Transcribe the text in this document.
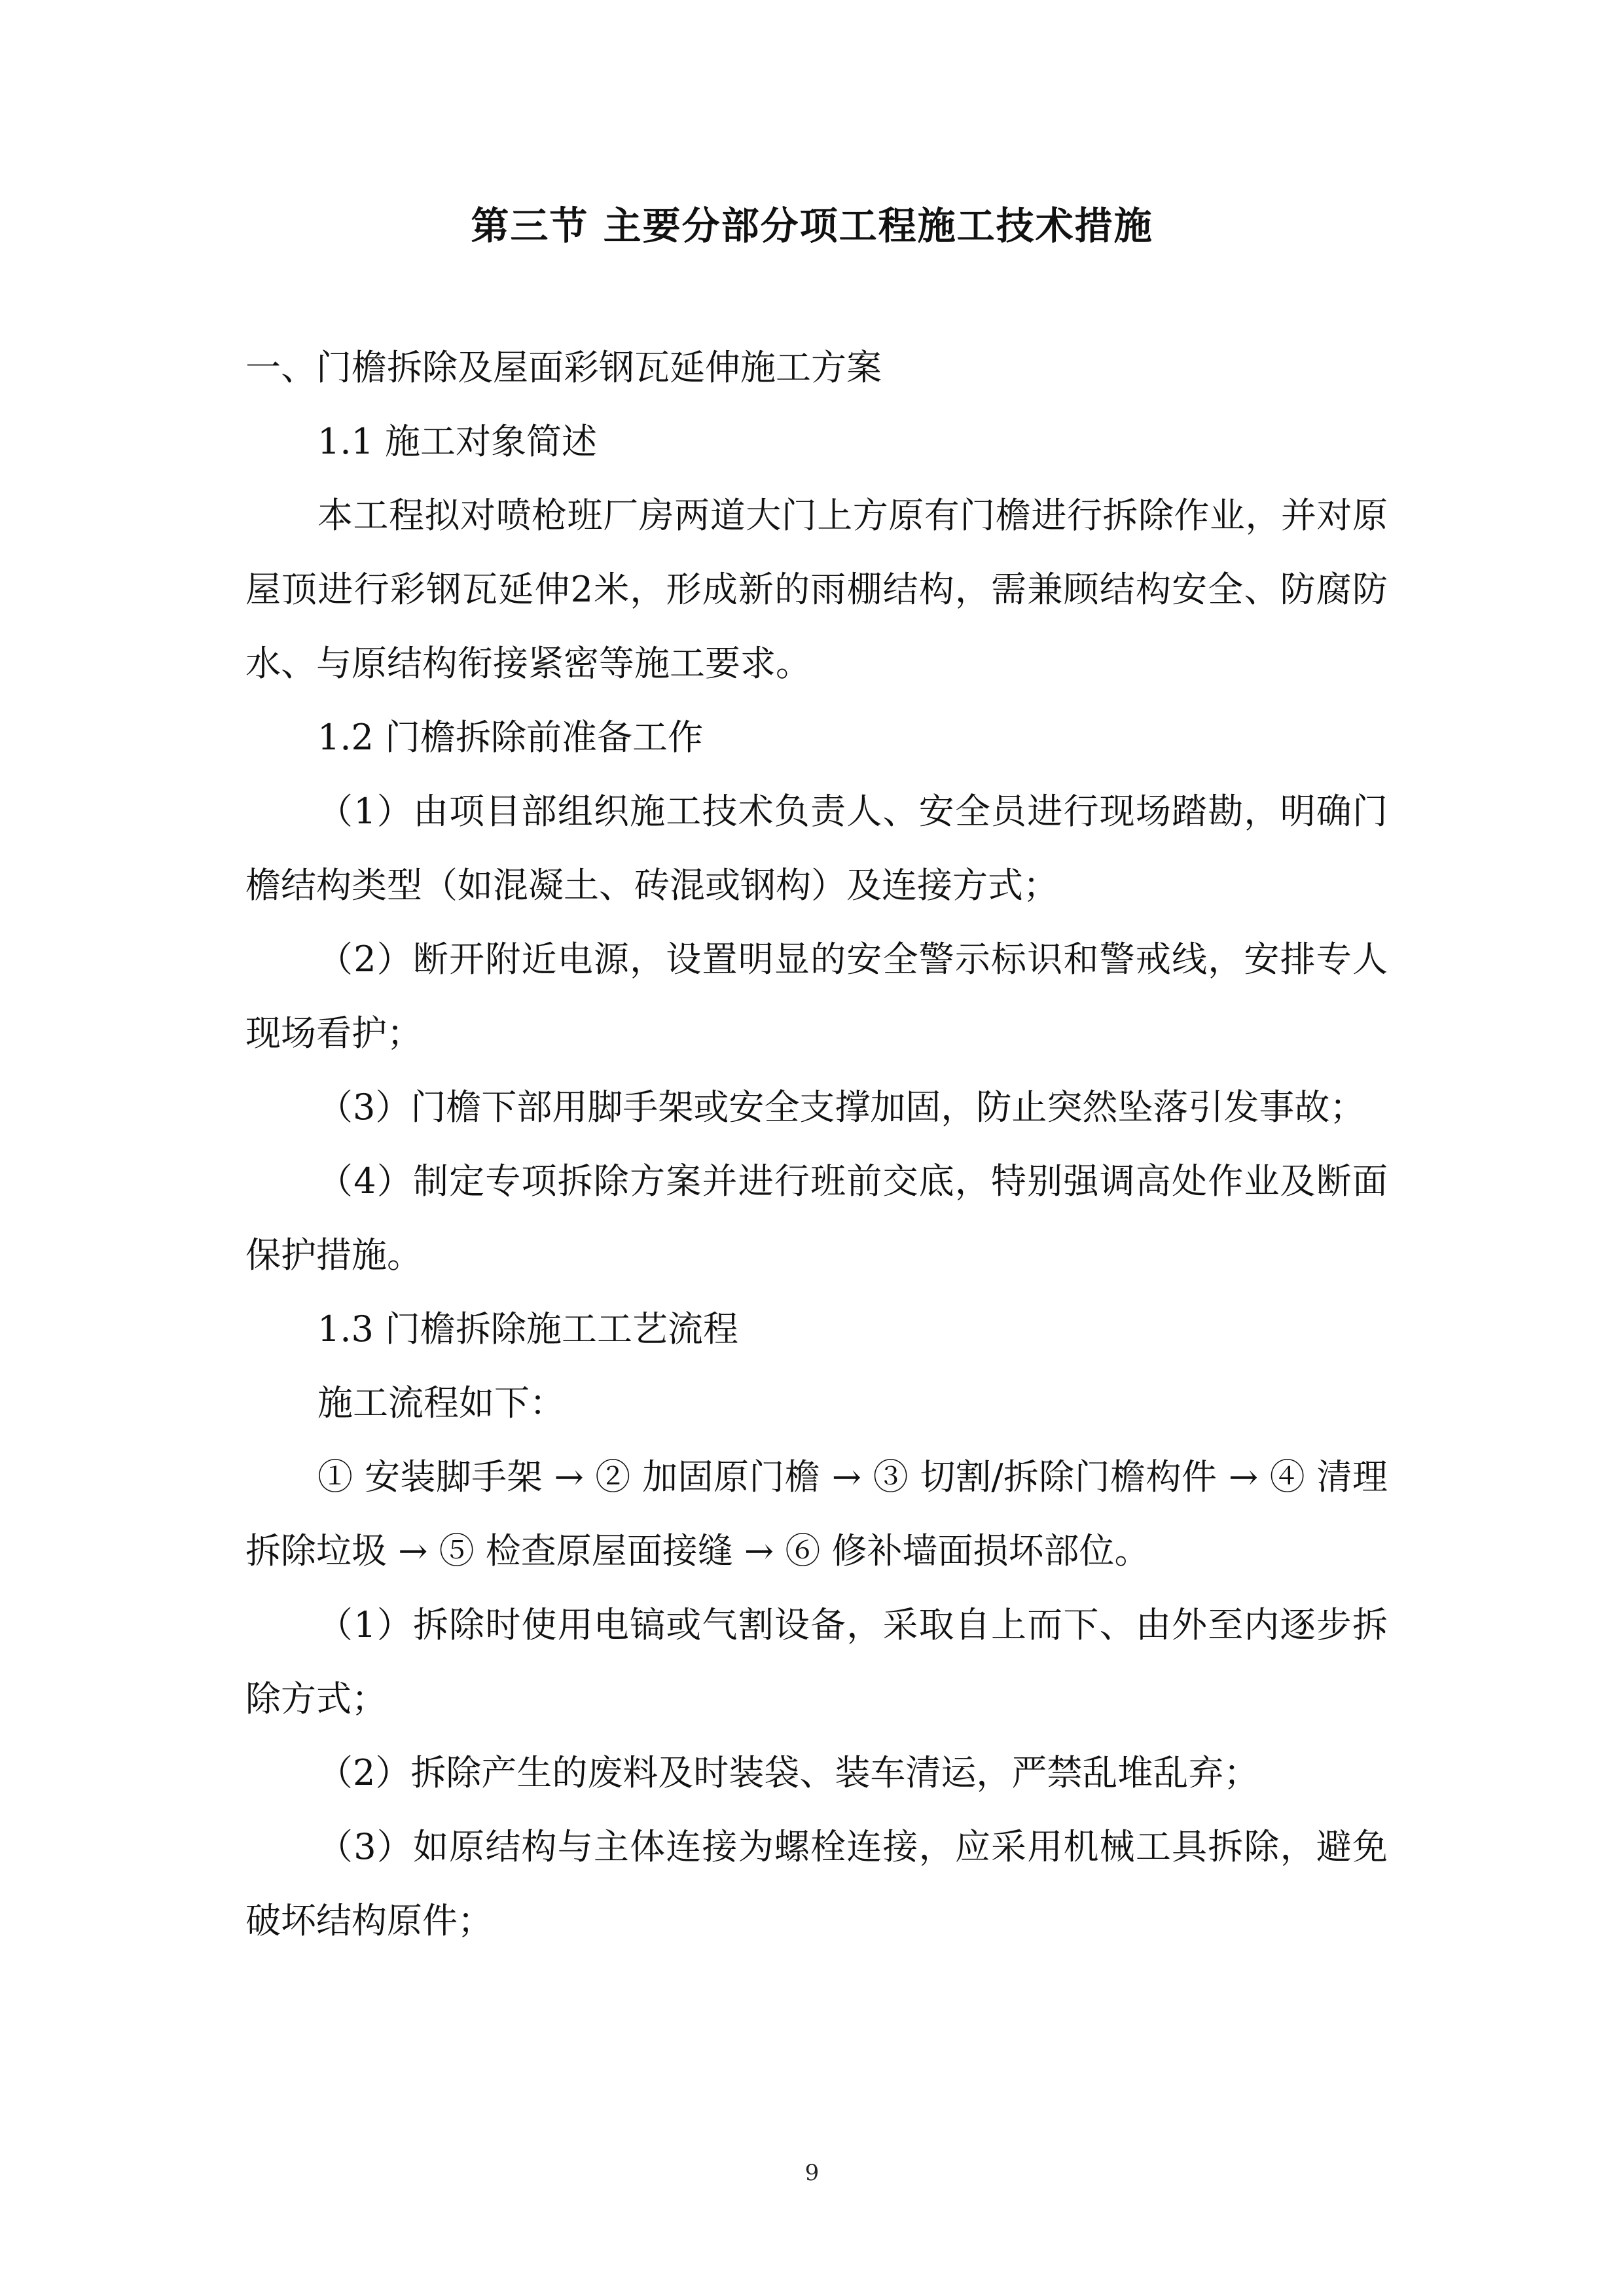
第三节 主要分部分项工程施工技术措施

一、门檐拆除及屋面彩钢瓦延伸施工方案

1.1 施工对象简述

本工程拟对喷枪班厂房两道大门上方原有门檐进行拆除作业，并对原屋顶进行彩钢瓦延伸2米，形成新的雨棚结构，需兼顾结构安全、防腐防水、与原结构衔接紧密等施工要求。

1.2 门檐拆除前准备工作

（1）由项目部组织施工技术负责人、安全员进行现场踏勘，明确门檐结构类型（如混凝土、砖混或钢构）及连接方式；

（2）断开附近电源，设置明显的安全警示标识和警戒线，安排专人现场看护；

（3）门檐下部用脚手架或安全支撑加固，防止突然坠落引发事故；

（4）制定专项拆除方案并进行班前交底，特别强调高处作业及断面保护措施。

1.3 门檐拆除施工工艺流程

施工流程如下：

① 安装脚手架 → ② 加固原门檐 → ③ 切割/拆除门檐构件 → ④ 清理拆除垃圾 → ⑤ 检查原屋面接缝 → ⑥ 修补墙面损坏部位。

（1）拆除时使用电镐或气割设备，采取自上而下、由外至内逐步拆除方式；

（2）拆除产生的废料及时装袋、装车清运，严禁乱堆乱弃；

（3）如原结构与主体连接为螺栓连接，应采用机械工具拆除，避免破坏结构原件；

9
